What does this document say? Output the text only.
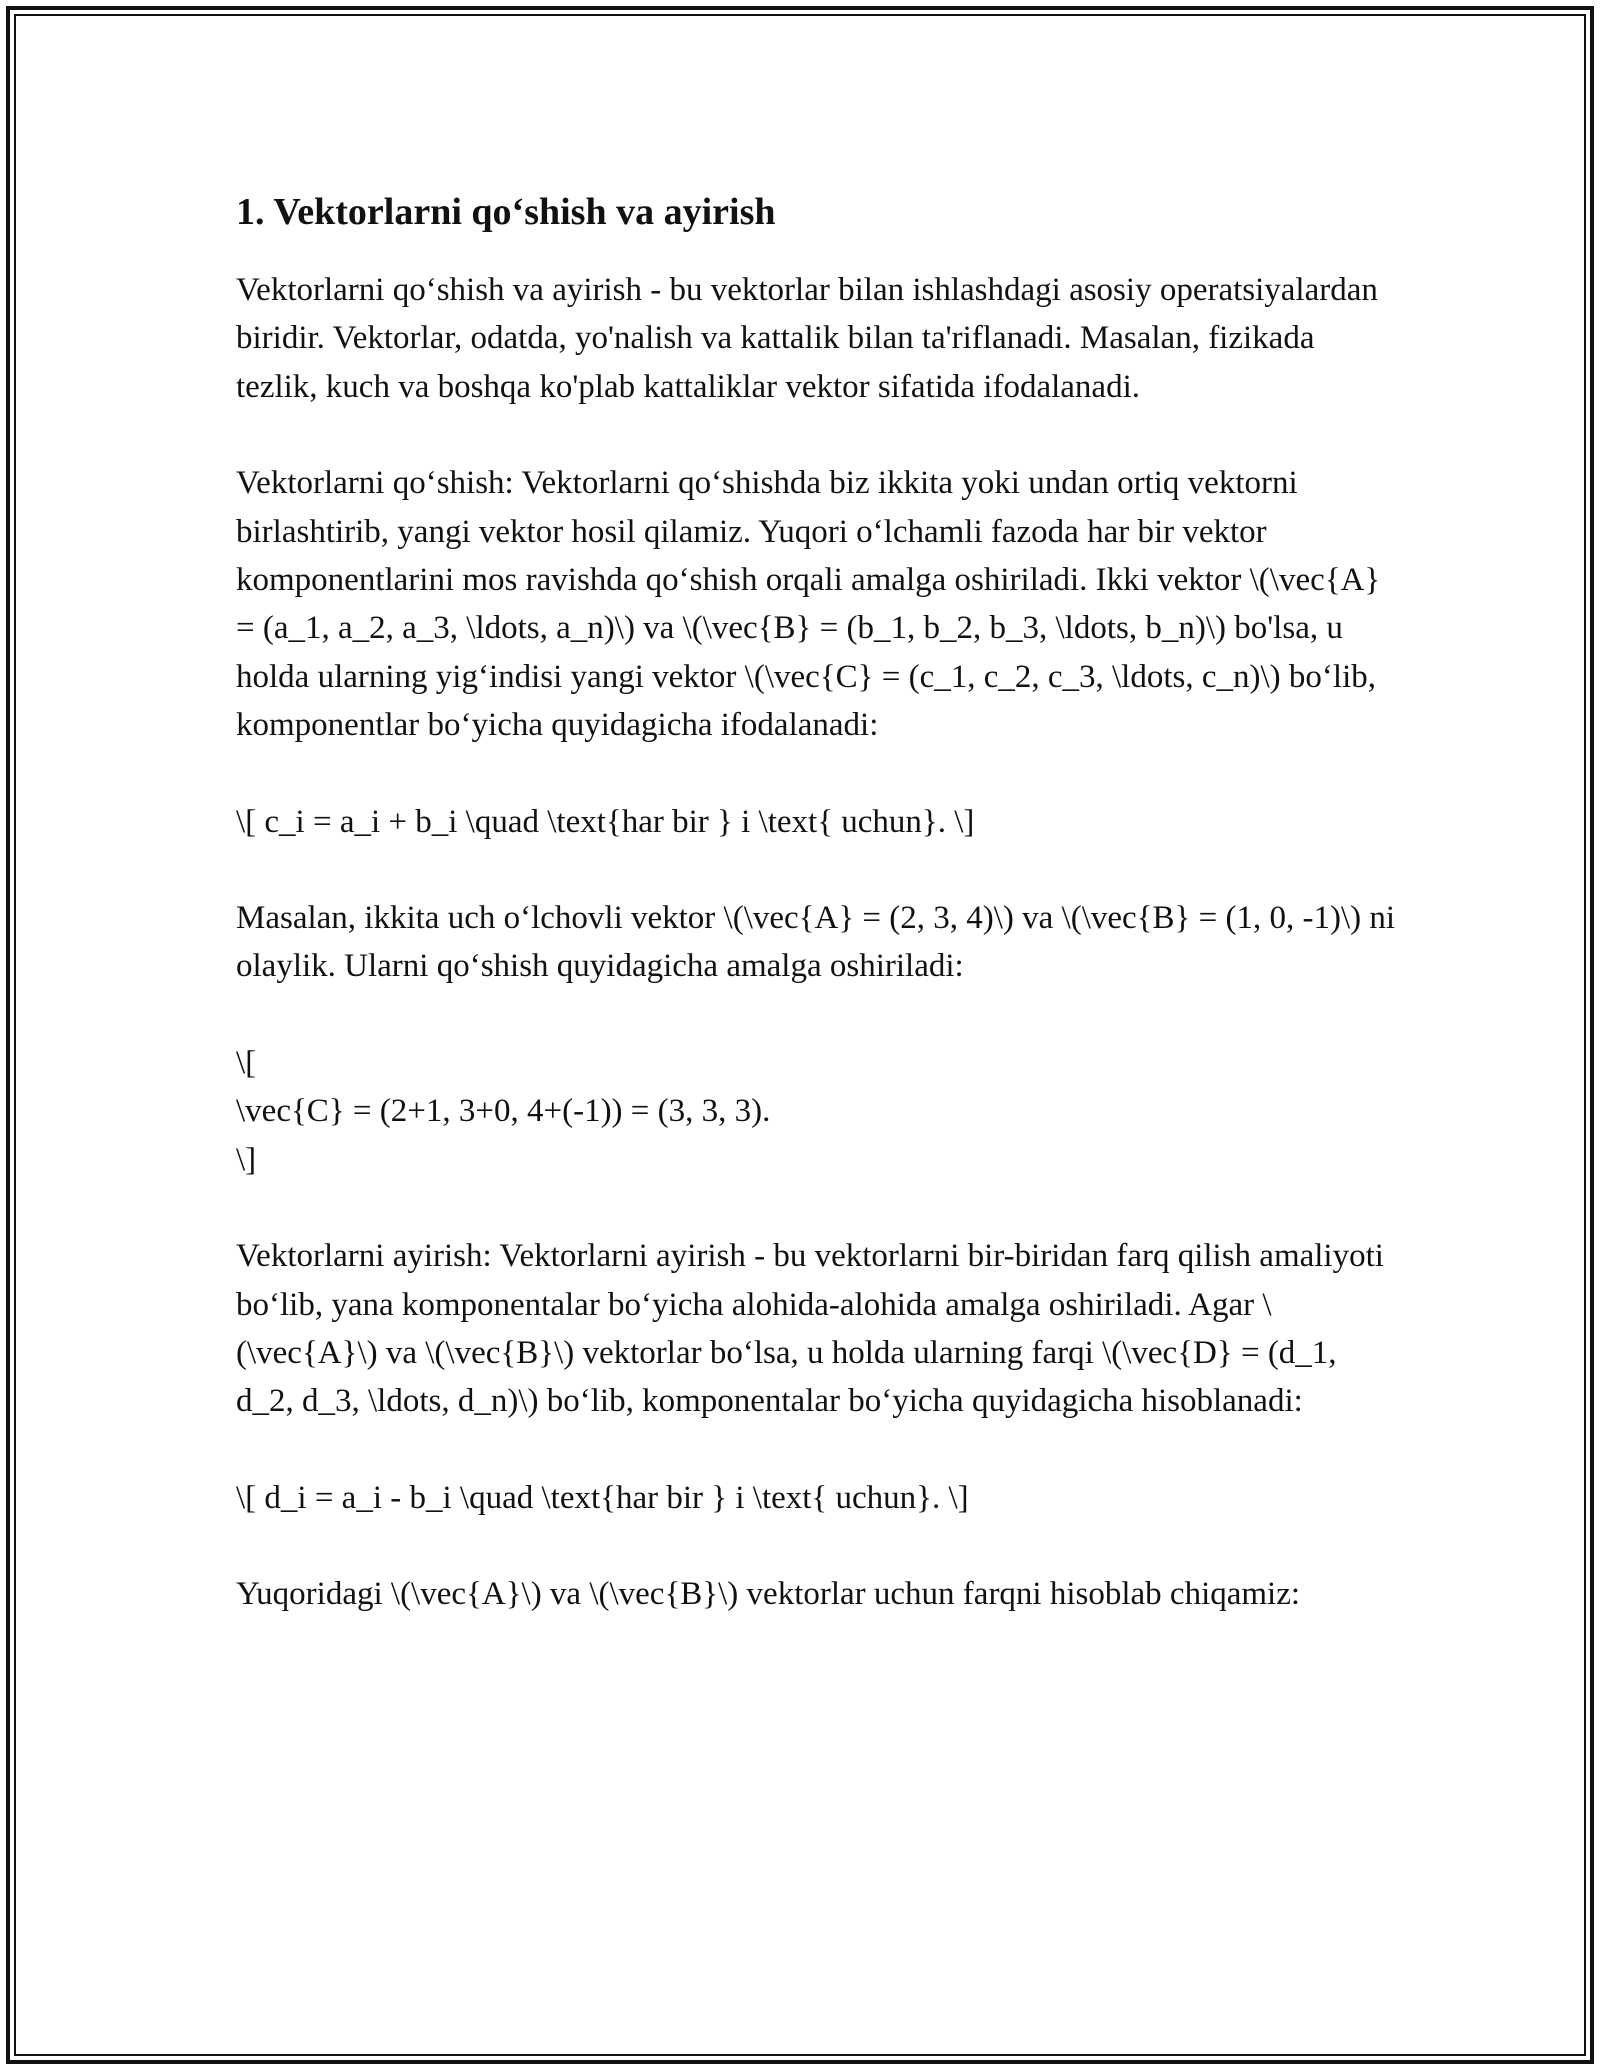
1. Vektorlarni qo‘shish va ayirish

Vektorlarni qo‘shish va ayirish - bu vektorlar bilan ishlashdagi asosiy operatsiyalardan biridir. Vektorlar, odatda, yo'nalish va kattalik bilan ta'riflanadi. Masalan, fizikada tezlik, kuch va boshqa ko'plab kattaliklar vektor sifatida ifodalanadi.

Vektorlarni qo‘shish: Vektorlarni qo‘shishda biz ikkita yoki undan ortiq vektorni birlashtirib, yangi vektor hosil qilamiz. Yuqori o‘lchamli fazoda har bir vektor komponentlarini mos ravishda qo‘shish orqali amalga oshiriladi. Ikki vektor \(\vec{A} = (a_1, a_2, a_3, \ldots, a_n)\) va \(\vec{B} = (b_1, b_2, b_3, \ldots, b_n)\) bo'lsa, u holda ularning yig‘indisi yangi vektor \(\vec{C} = (c_1, c_2, c_3, \ldots, c_n)\) bo‘lib, komponentlar bo‘yicha quyidagicha ifodalanadi:

\[ c_i = a_i + b_i \quad \text{har bir } i \text{ uchun}. \]

Masalan, ikkita uch o‘lchovli vektor \(\vec{A} = (2, 3, 4)\) va \(\vec{B} = (1, 0, -1)\) ni olaylik. Ularni qo‘shish quyidagicha amalga oshiriladi:

\[
\vec{C} = (2+1, 3+0, 4+(-1)) = (3, 3, 3).
\]

Vektorlarni ayirish: Vektorlarni ayirish - bu vektorlarni bir-biridan farq qilish amaliyoti bo‘lib, yana komponentalar bo‘yicha alohida-alohida amalga oshiriladi. Agar \(\vec{A}\) va \(\vec{B}\) vektorlar bo‘lsa, u holda ularning farqi \(\vec{D} = (d_1, d_2, d_3, \ldots, d_n)\) bo‘lib, komponentalar bo‘yicha quyidagicha hisoblanadi:

\[ d_i = a_i - b_i \quad \text{har bir } i \text{ uchun}. \]

Yuqoridagi \(\vec{A}\) va \(\vec{B}\) vektorlar uchun farqni hisoblab chiqamiz:
